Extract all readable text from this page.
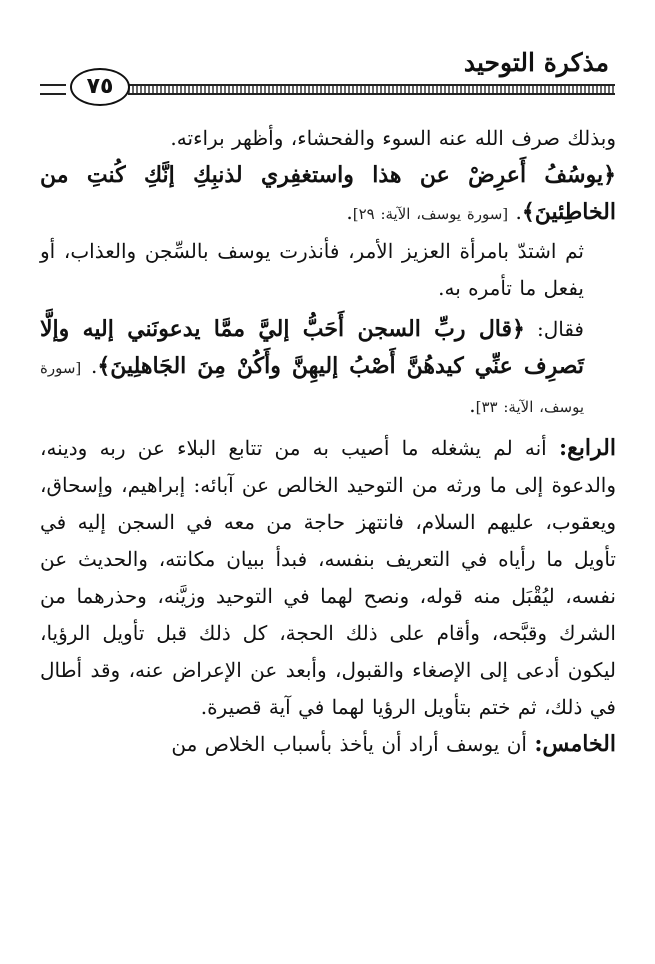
مذكرة التوحيد
٧٥

وبذلك صرف الله عنه السوء والفحشاء، وأظهر براءته.

﴿يوسُفُ أَعرِضْ عن هذا واستغفِري لذنبِكِ إنَّكِ كُنتِ من الخاطِئينَ﴾. [سورة يوسف، الآية: ٢٩].

ثم اشتدّ بامرأة العزيز الأمر، فأنذرت يوسف بالسِّجن والعذاب، أو يفعل ما تأمره به.

فقال: ﴿قال ربِّ السجن أَحَبُّ إليَّ ممَّا يدعونَني إليه وإلَّا تَصرِف عنِّي كيدهُنَّ أَصْبُ إليهِنَّ وأَكُنْ مِنَ الجَاهلِينَ﴾. [سورة يوسف، الآية: ٣٣].

الرابع: أنه لم يشغله ما أصيب به من تتابع البلاء عن ربه ودينه، والدعوة إلى ما ورثه من التوحيد الخالص عن آبائه: إبراهيم، وإسحاق، ويعقوب، عليهم السلام، فانتهز حاجة من معه في السجن إليه في تأويل ما رأياه في التعريف بنفسه، فبدأ ببيان مكانته، والحديث عن نفسه، ليُقْبَل منه قوله، ونصح لهما في التوحيد وزيَّنه، وحذرهما من الشرك وقبَّحه، وأقام على ذلك الحجة، كل ذلك قبل تأويل الرؤيا، ليكون أدعى إلى الإصغاء والقبول، وأبعد عن الإعراض عنه، وقد أطال في ذلك، ثم ختم بتأويل الرؤيا لهما في آية قصيرة.

الخامس: أن يوسف أراد أن يأخذ بأسباب الخلاص من
